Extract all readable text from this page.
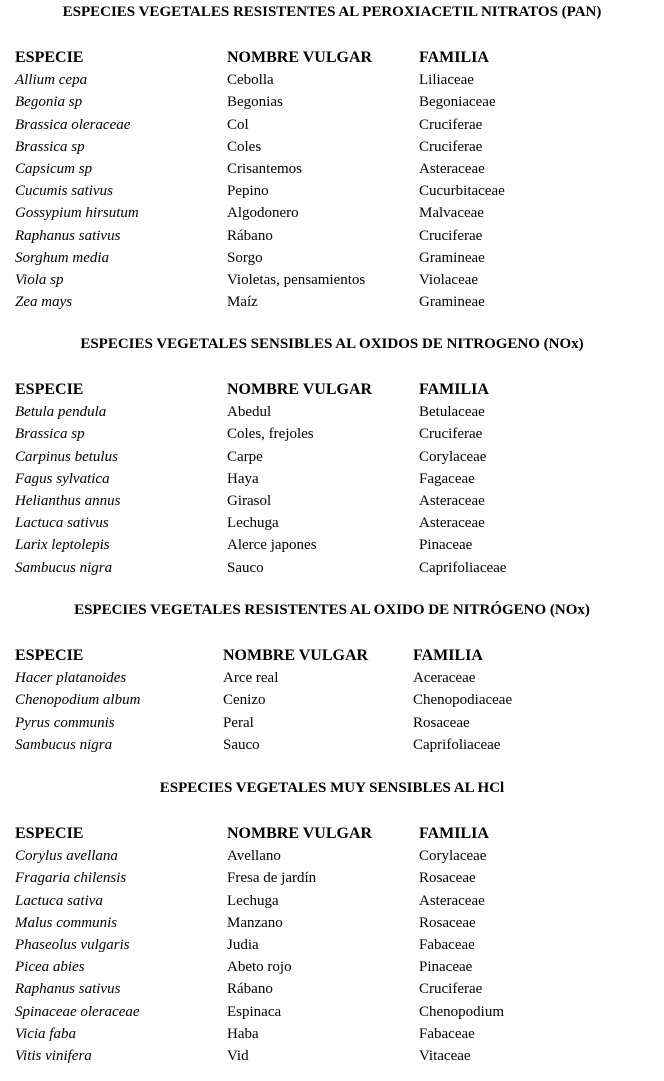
ESPECIES VEGETALES RESISTENTES AL PEROXIACETIL NITRATOS (PAN)
ESPECIE	NOMBRE VULGAR	FAMILIA
Allium cepa	Cebolla	Liliaceae
Begonia sp	Begonias	Begoniaceae
Brassica oleraceae	Col	Cruciferae
Brassica sp	Coles	Cruciferae
Capsicum sp	Crisantemos	Asteraceae
Cucumis sativus	Pepino	Cucurbitaceae
Gossypium hirsutum	Algodonero	Malvaceae
Raphanus sativus	Rábano	Cruciferae
Sorghum media	Sorgo	Gramineae
Viola sp	Violetas, pensamientos	Violaceae
Zea mays	Maíz	Gramineae
ESPECIES VEGETALES SENSIBLES AL OXIDOS DE NITROGENO (NOx)
ESPECIE	NOMBRE VULGAR	FAMILIA
Betula pendula	Abedul	Betulaceae
Brassica sp	Coles, frejoles	Cruciferae
Carpinus betulus	Carpe	Corylaceae
Fagus sylvatica	Haya	Fagaceae
Helianthus annus	Girasol	Asteraceae
Lactuca sativus	Lechuga	Asteraceae
Larix leptolepis	Alerce japones	Pinaceae
Sambucus nigra	Sauco	Caprifoliaceae
ESPECIES VEGETALES RESISTENTES AL OXIDO DE NITRÓGENO (NOx)
ESPECIE	NOMBRE VULGAR	FAMILIA
Hacer platanoides	Arce real	Aceraceae
Chenopodium album	Cenizo	Chenopodiaceae
Pyrus communis	Peral	Rosaceae
Sambucus nigra	Sauco	Caprifoliaceae
ESPECIES VEGETALES MUY SENSIBLES AL HCl
ESPECIE	NOMBRE VULGAR	FAMILIA
Corylus avellana	Avellano	Corylaceae
Fragaria chilensis	Fresa de jardín	Rosaceae
Lactuca sativa	Lechuga	Asteraceae
Malus communis	Manzano	Rosaceae
Phaseolus vulgaris	Judia	Fabaceae
Picea abies	Abeto rojo	Pinaceae
Raphanus sativus	Rábano	Cruciferae
Spinaceae oleraceae	Espinaca	Chenopodium
Vicia faba	Haba	Fabaceae
Vitis vinifera	Vid	Vitaceae
